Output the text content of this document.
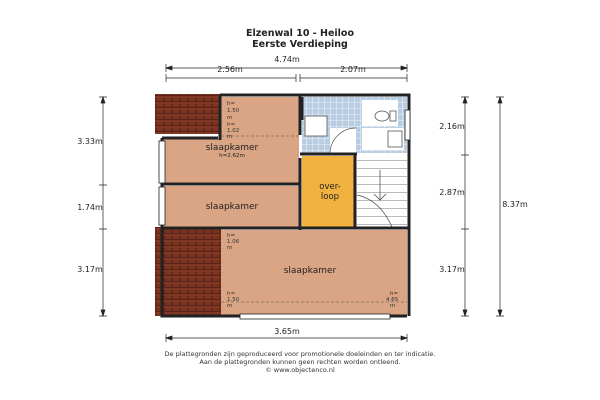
Elzenwal 10 - Heiloo
Eerste Verdieping
4.74m
2.56m	2.07m
3.65m
3.33m
1.74m
3.17m
2.16m
2.87m
3.17m
8.37m
slaapkamer
h=2.62m
slaapkamer
slaapkamer
over-
loop
h=
1.50
m
h=
1.02
m
h=
1.06
m
h=
1.50
m
h=
4.65
m
De plattegronden zijn geproduceerd voor promotionele doeleinden en ter indicatie.
Aan de plattegronden kunnen geen rechten worden ontleend.
© www.objectenco.nl
